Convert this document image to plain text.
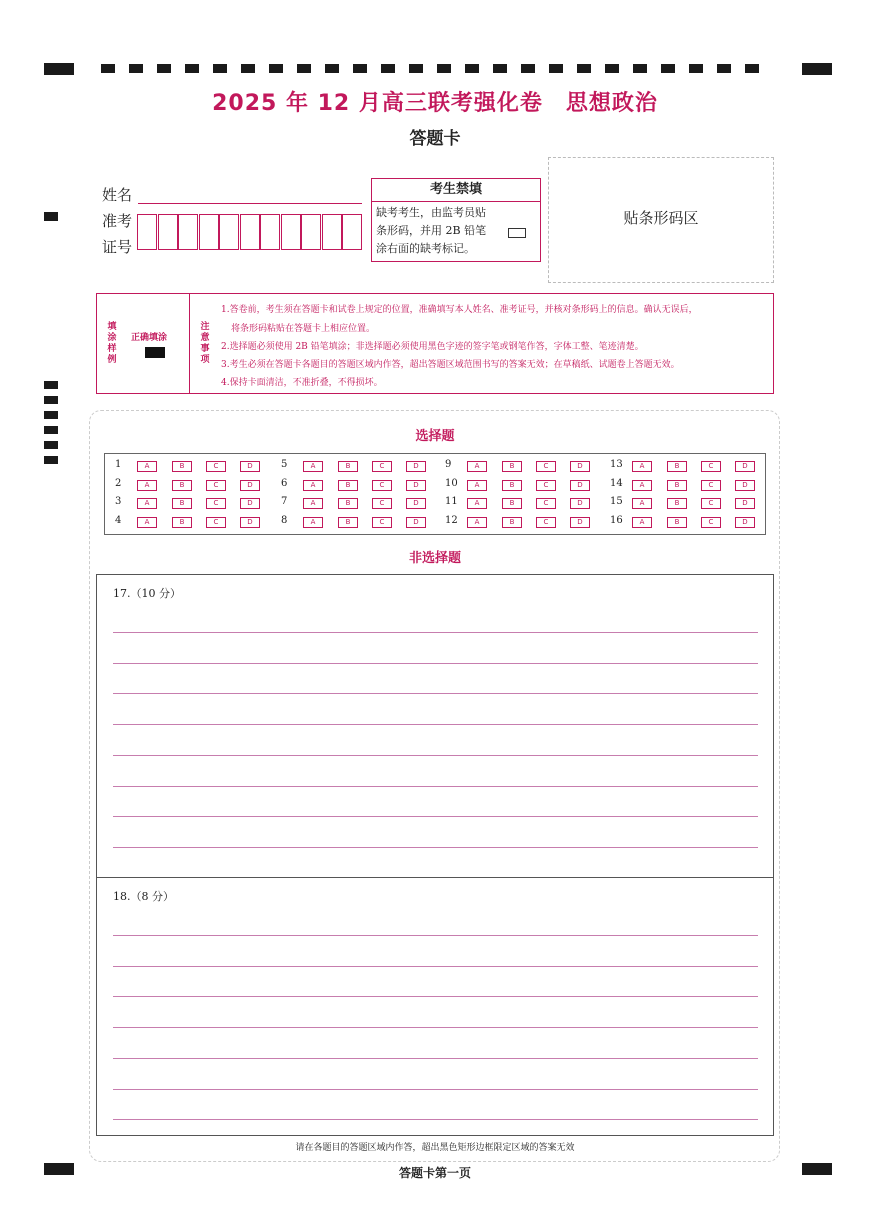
2025 年 12 月高三联考强化卷　思想政治
答题卡
姓名
准考
证号
考生禁填
缺考考生，由监考员贴条形码，并用 2B 铅笔涂右面的缺考标记。
贴条形码区
填
涂
样
例
正确填涂
注
意
事
项
1.答卷前，考生须在答题卡和试卷上规定的位置，准确填写本人姓名、准考证号，并核对条形码上的信息。确认无误后，
将条形码粘贴在答题卡上相应位置。
2.选择题必须使用 2B 铅笔填涂；非选择题必须使用黑色字迹的签字笔或钢笔作答，字体工整、笔迹清楚。
3.考生必须在答题卡各题目的答题区域内作答，超出答题区域范围书写的答案无效；在草稿纸、试题卷上答题无效。
4.保持卡面清洁，不准折叠，不得损坏。
选择题
1	A	B	C	D
2	A	B	C	D
3	A	B	C	D
4	A	B	C	D
5	A	B	C	D
6	A	B	C	D
7	A	B	C	D
8	A	B	C	D
9	A	B	C	D
10	A	B	C	D
11	A	B	C	D
12	A	B	C	D
13	A	B	C	D
14	A	B	C	D
15	A	B	C	D
16	A	B	C	D
非选择题
17.（10 分）
18.（8 分）
请在各题目的答题区域内作答，超出黑色矩形边框限定区域的答案无效
答题卡第一页
